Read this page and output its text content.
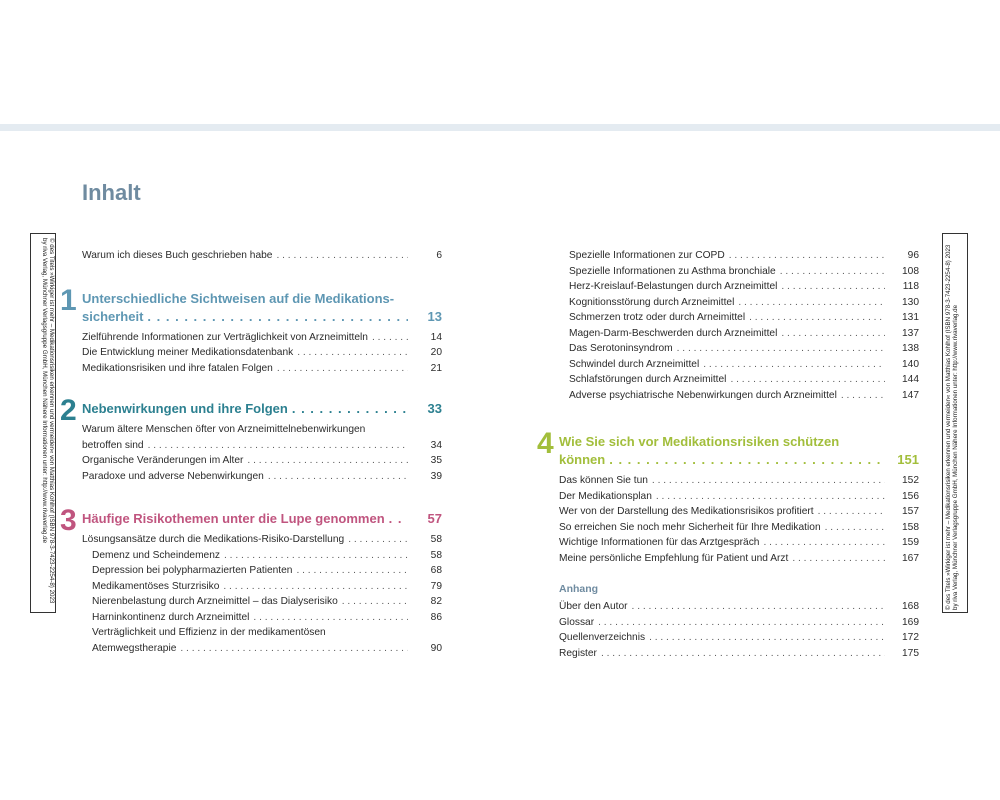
Inhalt
© des Titels »Wirkiger ist mehr – Medikationsrisiken erkennen und vermeiden« von Matthias Kohlhof (ISBN 978-3-7423-2254-8) 2023 by riva Verlag, Münchner Verlagsgruppe GmbH, München Nähere Informationen unter: http://www.rivaverlag.de	© des Titels »Wirkiger ist mehr – Medikationsrisiken erkennen und vermeiden« von Matthias Kohlhof (ISBN 978-3-7423-2254-8) 2023 by riva Verlag, Münchner Verlagsgruppe GmbH, München Nähere Informationen unter: http://www.rivaverlag.de
Warum ich dieses Buch geschrieben habe . . .	6
1 Unterschiedliche Sichtweisen auf die Medikations-
sicherheit . . .	13
Zielführende Informationen zur Verträglichkeit von Arzneimitteln . . .	14
Die Entwicklung meiner Medikationsdatenbank . . .	20
Medikationsrisiken und ihre fatalen Folgen . . .	21
2 Nebenwirkungen und ihre Folgen . . .	33
Warum ältere Menschen öfter von Arzneimittelnebenwirkungen
betroffen sind . . .	34
Organische Veränderungen im Alter . . .	35
Paradoxe und adverse Nebenwirkungen . . .	39
3 Häufige Risikothemen unter die Lupe genommen . . .	57
Lösungsansätze durch die Medikations-Risiko-Darstellung . . .	58
Demenz und Scheindemenz . . .	58
Depression bei polypharmazierten Patienten . . .	68
Medikamentöses Sturzrisiko . . .	79
Nierenbelastung durch Arzneimittel – das Dialyserisiko . . .	82
Harninkontinenz durch Arzneimittel . . .	86
Verträglichkeit und Effizienz in der medikamentösen
Atemwegstherapie . . .	90
Spezielle Informationen zur COPD . . .	96
Spezielle Informationen zu Asthma bronchiale . . .	108
Herz-Kreislauf-Belastungen durch Arzneimittel . . .	118
Kognitionsstörung durch Arzneimittel . . .	130
Schmerzen trotz oder durch Arneimittel . . .	131
Magen-Darm-Beschwerden durch Arzneimittel . . .	137
Das Serotoninsyndrom . . .	138
Schwindel durch Arzneimittel . . .	140
Schlafstörungen durch Arzneimittel . . .	144
Adverse psychiatrische Nebenwirkungen durch Arzneimittel . . .	147
4 Wie Sie sich vor Medikationsrisiken schützen
können . . .	151
Das können Sie tun . . .	152
Der Medikationsplan . . .	156
Wer von der Darstellung des Medikationsrisikos profitiert . . .	157
So erreichen Sie noch mehr Sicherheit für Ihre Medikation . . .	158
Wichtige Informationen für das Arztgespräch . . .	159
Meine persönliche Empfehlung für Patient und Arzt . . .	167
Anhang
Über den Autor . . .	168
Glossar . . .	169
Quellenverzeichnis . . .	172
Register . . .	175
